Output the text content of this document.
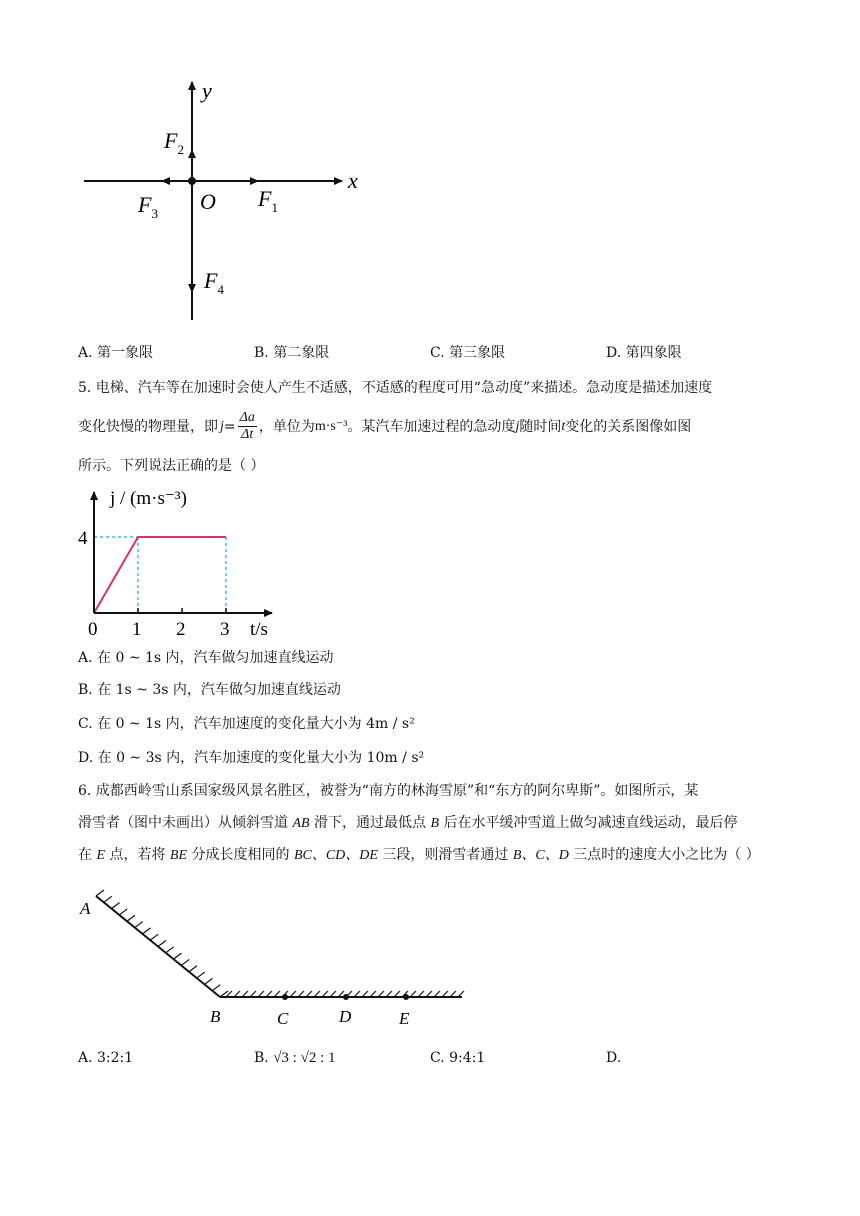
y
x
O $F_1$
$F_2$
$F_3$
$F_4$
A. 第一象限	B. 第二象限	C. 第三象限	D. 第四象限
5. 电梯、汽车等在加速时会使人产生不适感，不适感的程度可用“急动度”来描述。急动度是描述加速度
变化快慢的物理量，即 $j = \frac{\Delta a}{\Delta t}$ ，单位为 m·s⁻³ 。某汽车加速过程的急动度 j 随时间 t 变化的关系图像如图
所示。下列说法正确的是（ ）
0 1 2 3
4
j / (m·s⁻³)
t/s
A. 在 0 ~ 1s 内，汽车做匀加速直线运动
B. 在 1s ~ 3s 内，汽车做匀加速直线运动
C. 在 0 ~ 1s 内，汽车加速度的变化量大小为 4m / s²
D. 在 0 ~ 3s 内，汽车加速度的变化量大小为 10m / s²
6. 成都西岭雪山系国家级风景名胜区，被誉为“南方的林海雪原”和“东方的阿尔卑斯”。如图所示，某
滑雪者（图中未画出）从倾斜雪道 AB 滑下，通过最低点 B 后在水平缓冲雪道上做匀减速直线运动，最后停
在 E 点，若将 BE 分成长度相同的 BC、CD、DE 三段，则滑雪者通过 B、C、D 三点时的速度大小之比为（ ）
A
B	C	D	E
A. 3:2:1	B. √3 : √2 : 1	C. 9:4:1	D.
